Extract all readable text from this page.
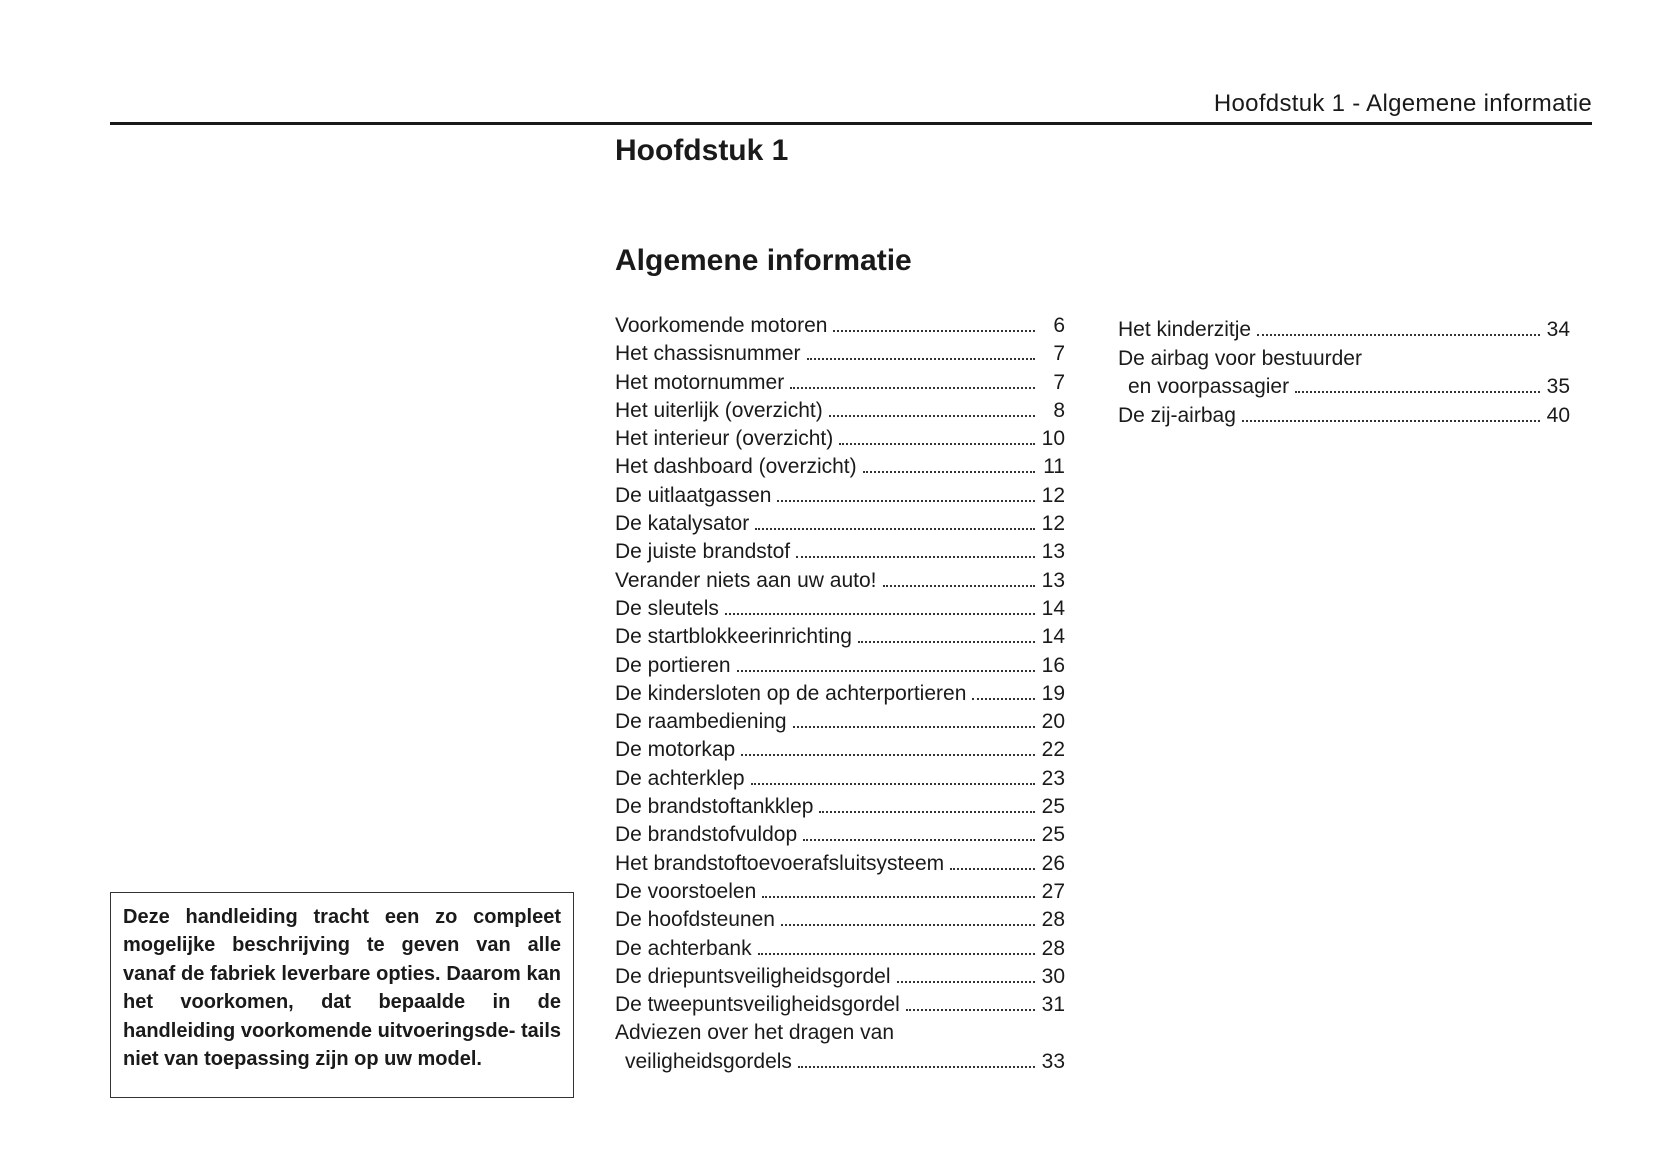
Hoofdstuk 1 - Algemene informatie
Hoofdstuk 1
Algemene informatie
Voorkomende motoren	6
Het chassisnummer	7
Het motornummer	7
Het uiterlijk (overzicht)	8
Het interieur (overzicht)	10
Het dashboard (overzicht)	11
De uitlaatgassen	12
De katalysator	12
De juiste brandstof	13
Verander niets aan uw auto!	13
De sleutels	14
De startblokkeerinrichting	14
De portieren	16
De kindersloten op de achterportieren	19
De raambediening	20
De motorkap	22
De achterklep	23
De brandstoftankklep	25
De brandstofvuldop	25
Het brandstoftoevoerafsluitsysteem	26
De voorstoelen	27
De hoofdsteunen	28
De achterbank	28
De driepuntsveiligheidsgordel	30
De tweepuntsveiligheidsgordel	31
Adviezen over het dragen van
veiligheidsgordels	33
Het kinderzitje	34
De airbag voor bestuurder
en voorpassagier	35
De zij-airbag	40

Deze handleiding tracht een zo compleet mogelijke beschrijving te geven van alle vanaf de fabriek leverbare opties. Daarom kan het voorkomen, dat bepaalde in de handleiding voorkomende uitvoeringsde- tails niet van toepassing zijn op uw model.
